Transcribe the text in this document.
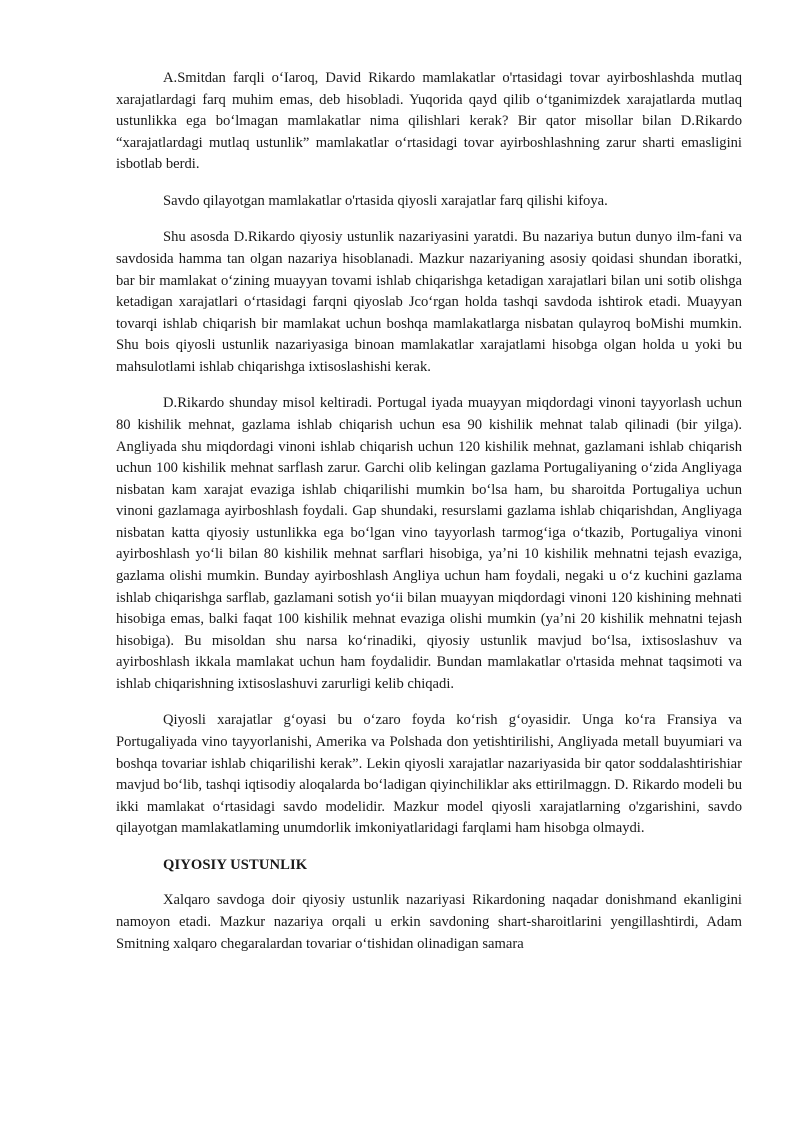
A.Smitdan farqli oʻIaroq, David Rikardo mamlakatlar o'rtasidagi tovar ayirboshlashda mutlaq xarajatlardagi farq muhim emas, deb hisobladi. Yuqorida qayd qilib oʻtganimizdek xarajatlarda mutlaq ustunlikka ega boʻlmagan mamlakatlar nima qilishlari kerak? Bir qator misollar bilan D.Rikardo “xarajatlardagi mutlaq ustunlik” mamlakatlar oʻrtasidagi tovar ayirboshlashning zarur sharti emasligini isbotlab berdi.

Savdo qilayotgan mamlakatlar o'rtasida qiyosli xarajatlar farq qilishi kifoya.

Shu asosda D.Rikardo qiyosiy ustunlik nazariyasini yaratdi. Bu nazariya butun dunyo ilm-fani va savdosida hamma tan olgan nazariya hisoblanadi. Mazkur nazariyaning asosiy qoidasi shundan iboratki, bar bir mamlakat oʻzining muayyan tovami ishlab chiqarishga ketadigan xarajatlari bilan uni sotib olishga ketadigan xarajatlari oʻrtasidagi farqni qiyoslab Jcoʻrgan holda tashqi savdoda ishtirok etadi. Muayyan tovarqi ishlab chiqarish bir mamlakat uchun boshqa mamlakatlarga nisbatan qulayroq boMishi mumkin. Shu bois qiyosli ustunlik nazariyasiga binoan mamlakatlar xarajatlami hisobga olgan holda u yoki bu mahsulotlami ishlab chiqarishga ixtisoslashishi kerak.

D.Rikardo shunday misol keltiradi. Portugal iyada muayyan miqdordagi vinoni tayyorlash uchun 80 kishilik mehnat, gazlama ishlab chiqarish uchun esa 90 kishilik mehnat talab qilinadi (bir yilga). Angliyada shu miqdordagi vinoni ishlab chiqarish uchun 120 kishilik mehnat, gazlamani ishlab chiqarish uchun 100 kishilik mehnat sarflash zarur. Garchi olib kelingan gazlama Portugaliyaning oʻzida Angliyaga nisbatan kam xarajat evaziga ishlab chiqarilishi mumkin boʻlsa ham, bu sharoitda Portugaliya uchun vinoni gazlamaga ayirboshlash foydali. Gap shundaki, resurslami gazlama ishlab chiqarishdan, Angliyaga nisbatan katta qiyosiy ustunlikka ega boʻlgan vino tayyorlash tarmogʻiga oʻtkazib, Portugaliya vinoni ayirboshlash yoʻli bilan 80 kishilik mehnat sarflari hisobiga, yaʼni 10 kishilik mehnatni tejash evaziga, gazlama olishi mumkin. Bunday ayirboshlash Angliya uchun ham foydali, negaki u oʻz kuchini gazlama ishlab chiqarishga sarflab, gazlamani sotish yoʻii bilan muayyan miqdordagi vinoni 120 kishining mehnati hisobiga emas, balki faqat 100 kishilik mehnat evaziga olishi mumkin (yaʼni 20 kishilik mehnatni tejash hisobiga). Bu misoldan shu narsa koʻrinadiki, qiyosiy ustunlik mavjud boʻlsa, ixtisoslashuv va ayirboshlash ikkala mamlakat uchun ham foydalidir. Bundan mamlakatlar o'rtasida mehnat taqsimoti va ishlab chiqarishning ixtisoslashuvi zarurligi kelib chiqadi.

Qiyosli xarajatlar gʻoyasi bu oʻzaro foyda koʻrish gʻoyasidir. Unga koʻra Fransiya va Portugaliyada vino tayyorlanishi, Amerika va Polshada don yetishtirilishi, Angliyada metall buyumiari va boshqa tovariar ishlab chiqarilishi kerak”. Lekin qiyosli xarajatlar nazariyasida bir qator soddalashtirishiar mavjud boʻlib, tashqi iqtisodiy aloqalarda boʻladigan qiyinchiliklar aks ettirilmaggn. D. Rikardo modeli bu ikki mamlakat oʻrtasidagi savdo modelidir. Mazkur model qiyosli xarajatlarning o'zgarishini, savdo qilayotgan mamlakatlaming unumdorlik imkoniyatlaridagi farqlami ham hisobga olmaydi.

QIYOSIY USTUNLIK

Xalqaro savdoga doir qiyosiy ustunlik nazariyasi Rikardoning naqadar donishmand ekanligini namoyon etadi. Mazkur nazariya orqali u erkin savdoning shart-sharoitlarini yengillashtirdi, Adam Smitning xalqaro chegaralardan tovariar oʻtishidan olinadigan samara
